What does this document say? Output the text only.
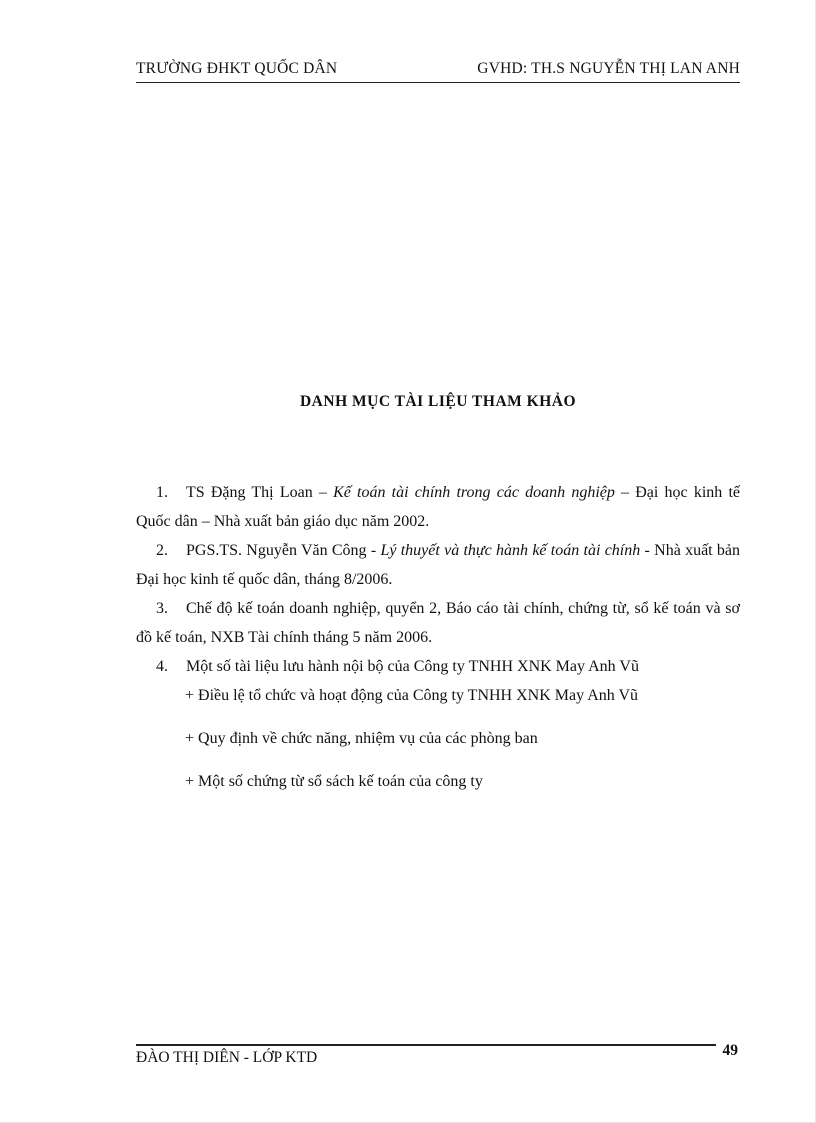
TRƯỜNG ĐHKT QUỐC DÂN	GVHD: TH.S NGUYỄN THỊ LAN ANH
DANH MỤC TÀI LIỆU THAM KHẢO

1. TS Đặng Thị Loan – Kế toán tài chính trong các doanh nghiệp – Đại học kinh tế Quốc dân – Nhà xuất bản giáo dục năm 2002.

2. PGS.TS. Nguyễn Văn Công - Lý thuyết và thực hành kế toán tài chính - Nhà xuất bản Đại học kinh tế quốc dân, tháng 8/2006.

3. Chế độ kế toán doanh nghiệp, quyển 2, Báo cáo tài chính, chứng từ, sổ kế toán và sơ đồ kế toán, NXB Tài chính tháng 5 năm 2006.

4. Một số tài liệu lưu hành nội bộ của Công ty TNHH XNK May Anh Vũ

+ Điều lệ tổ chức và hoạt động của Công ty TNHH XNK May Anh Vũ

+ Quy định về chức năng, nhiệm vụ của các phòng ban

+ Một số chứng từ sổ sách kế toán của công ty

ĐÀO THỊ DIÊN - LỚP KTD	49
